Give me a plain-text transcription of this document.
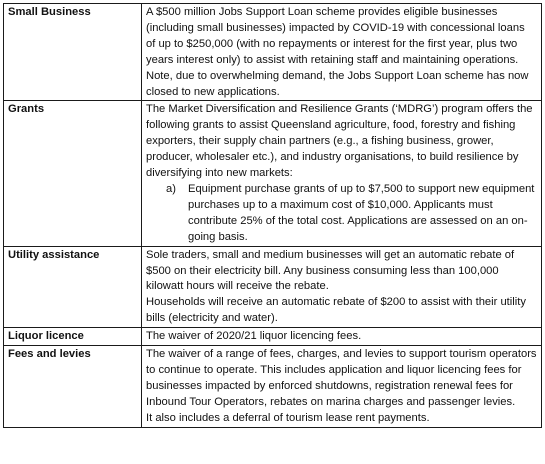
Small Business	A $500 million Jobs Support Loan scheme provides eligible businesses (including small businesses) impacted by COVID-19 with concessional loans of up to $250,000 (with no repayments or interest for the first year, plus two years interest only) to assist with retaining staff and maintaining operations.
Note, due to overwhelming demand, the Jobs Support Loan scheme has now closed to new applications.

Grants	The Market Diversification and Resilience Grants (‘MDRG’) program offers the following grants to assist Queensland agriculture, food, forestry and fishing exporters, their supply chain partners (e.g., a fishing business, grower, producer, wholesaler etc.), and industry organisations, to build resilience by diversifying into new markets:
a) Equipment purchase grants of up to $7,500 to support new equipment purchases up to a maximum cost of $10,000. Applicants must contribute 25% of the total cost. Applications are assessed on an on-going basis.

Utility assistance	Sole traders, small and medium businesses will get an automatic rebate of $500 on their electricity bill. Any business consuming less than 100,000 kilowatt hours will receive the rebate.
Households will receive an automatic rebate of $200 to assist with their utility bills (electricity and water).

Liquor licence	The waiver of 2020/21 liquor licencing fees.

Fees and levies	The waiver of a range of fees, charges, and levies to support tourism operators to continue to operate. This includes application and liquor licencing fees for businesses impacted by enforced shutdowns, registration renewal fees for Inbound Tour Operators, rebates on marina charges and passenger levies.
It also includes a deferral of tourism lease rent payments.
